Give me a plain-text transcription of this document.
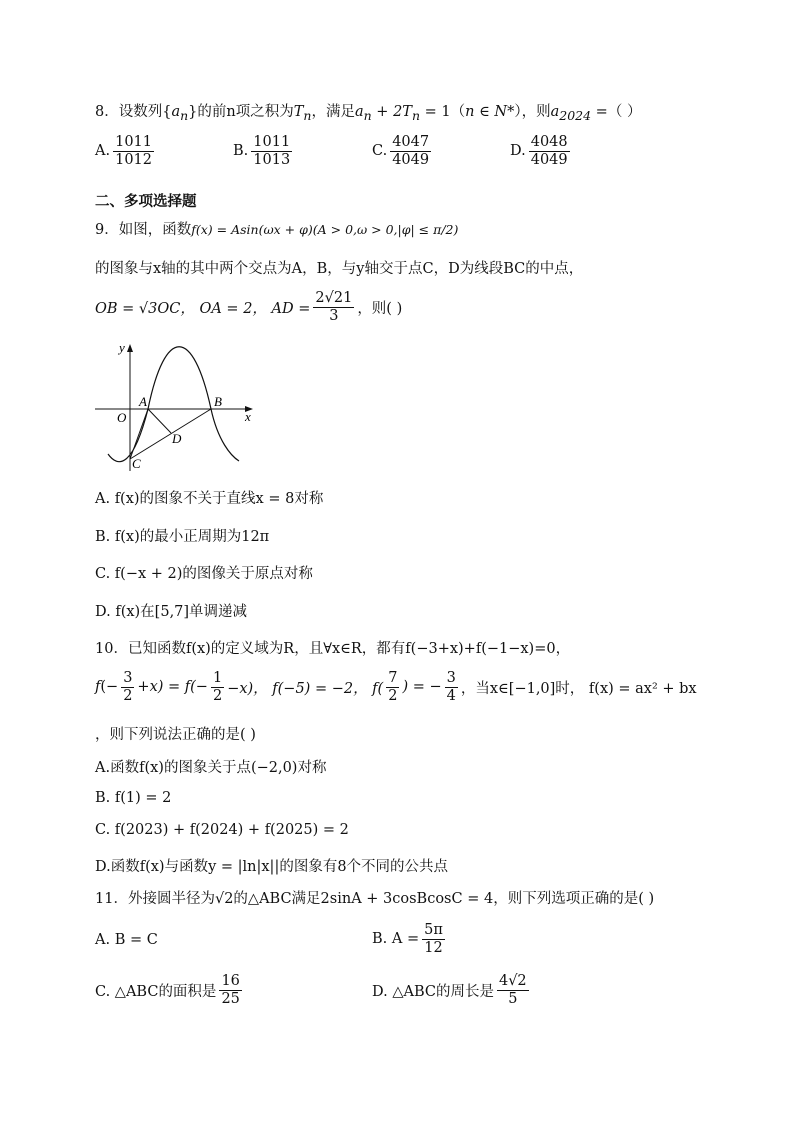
8．设数列$\{a_n\}$的前n项之积为$T_n$，满足$a_n + 2T_n = 1(n$ ∈ N*），则$a_{2024}$ =（ ）
A. $\frac{1011}{1012}$	B. $\frac{1011}{1013}$	C. $\frac{4047}{4049}$	D. $\frac{4048}{4049}$
二、多项选择题
9．如图，函数f(x) = Asin(ωx + φ)(A > 0,ω > 0,|φ| ≤ π/2)
的图象与x轴的其中两个交点为A，B，与y轴交于点C，D为线段BC的中点，
OB = √3OC， OA = 2， AD = $\frac{2√21}{3}$ ，则( )
y
x
O
A	B
C
D
A. f(x)的图象不关于直线x = 8对称
B. f(x)的最小正周期为12π
C. f(−x + 2)的图像关于原点对称
D. f(x)在[5,7]单调递减
10．已知函数f(x)的定义域为R，且∀x∈R，都有f(−3+x)+f(−1−x)=0，
f (− $\frac{3}{2} +x) = f(- \frac{1}{2} -x)$， f(−5) = −2， $f( \frac{7}{2}$ ) = − $\frac{3}{4}$ ，当x∈[−1,0]时， f(x) = ax² + bx
，则下列说法正确的是( )
A.函数f(x)的图象关于点(−2,0)对称
B. f(1) = 2
C. f(2023) + f(2024) + f(2025) = 2
D.函数f(x)与函数y = |ln|x||的图象有8个不同的公共点
11．外接圆半径为√2的△ABC满足2sinA + 3cosBcosC = 4，则下列选项正确的是( )
A. B = C	B. $A = \frac{5\pi}{12}$
C. △ABC的面积是 $\frac{16}{25}$	D. △ABC的周长是 $\frac{4√2}{5}$
